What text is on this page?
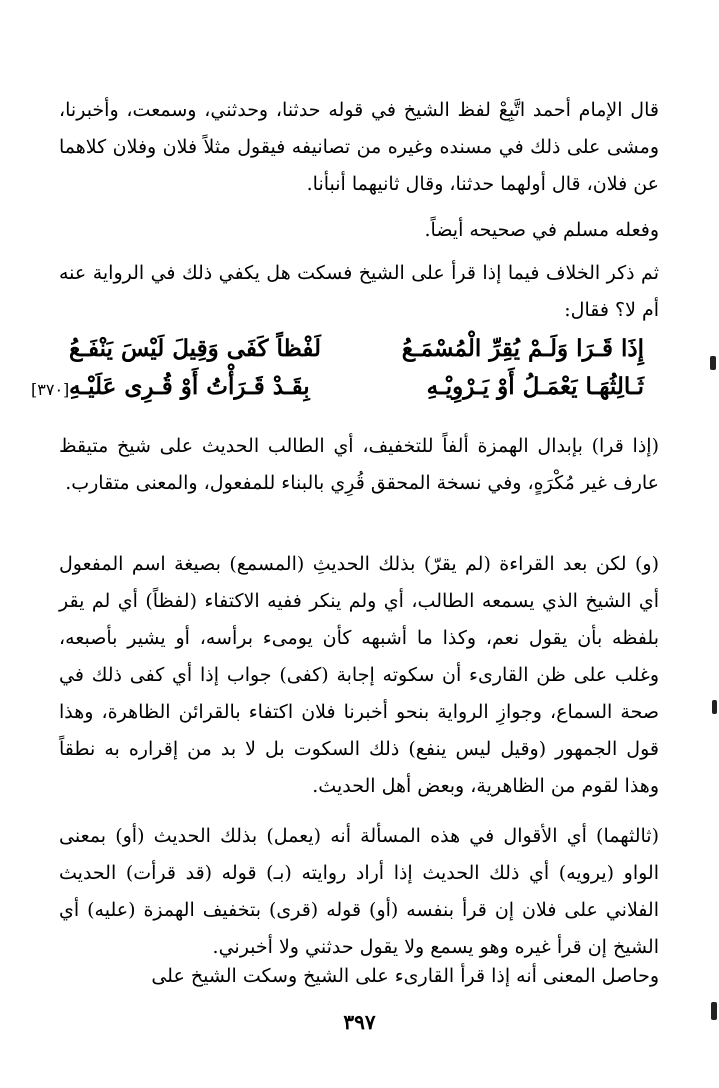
قال الإمام أحمد اتَّبِعْ لفظ الشيخ في قوله حدثنا، وحدثني، وسمعت، وأخبرنا، ومشى على ذلك في مسنده وغيره من تصانيفه فيقول مثلاً فلان وفلان كلاهما عن فلان، قال أولهما حدثنا، وقال ثانيهما أنبأنا.
وفعله مسلم في صحيحه أيضاً.
ثم ذكر الخلاف فيما إذا قرأ على الشيخ فسكت هل يكفي ذلك في الرواية عنه أم لا؟ فقال:
إِذَا قَـرَا وَلَـمْ يُقِرِّ الْمُسْمَـعُ
لَفْظاً كَفَى وَقِيلَ لَيْسَ يَنْفَـعُ
ثَـالِثُهَـا يَعْمَـلُ أَوْ يَـرْوِيْـهِ
بِقَـدْ قَـرَأْتُ أَوْ قُـرِى عَلَيْـهِ
[٣٧٠]
(إذا قرا) بإبدال الهمزة ألفاً للتخفيف، أي الطالب الحديث على شيخ متيقظ عارف غير مُكْرَهٍ، وفي نسخة المحقق قُرِي بالبناء للمفعول، والمعنى متقارب.
(و) لكن بعد القراءة (لم يقرّ) بذلك الحديثِ (المسمع) بصيغة اسم المفعول أي الشيخ الذي يسمعه الطالب، أي ولم ينكر ففيه الاكتفاء (لفظاً) أي لم يقر بلفظه بأن يقول نعم، وكذا ما أشبهه كأن يومىء برأسه، أو يشير بأصبعه، وغلب على ظن القارىء أن سكوته إجابة (كفى) جواب إذا أي كفى ذلك في صحة السماع، وجوازِ الرواية بنحو أخبرنا فلان اكتفاء بالقرائن الظاهرة، وهذا قول الجمهور (وقيل ليس ينفع) ذلك السكوت بل لا بد من إقراره به نطقاً وهذا لقوم من الظاهرية، وبعض أهل الحديث.
(ثالثهما) أي الأقوال في هذه المسألة أنه (يعمل) بذلك الحديث (أو) بمعنى الواو (يرويه) أي ذلك الحديث إذا أراد روايته (بـ) قوله (قد قرأت) الحديث الفلاني على فلان إن قرأ بنفسه (أو) قوله (قرى) بتخفيف الهمزة (عليه) أي الشيخ إن قرأ غيره وهو يسمع ولا يقول حدثني ولا أخبرني.
وحاصل المعنى أنه إذا قرأ القارىء على الشيخ وسكت الشيخ على
٣٩٧
